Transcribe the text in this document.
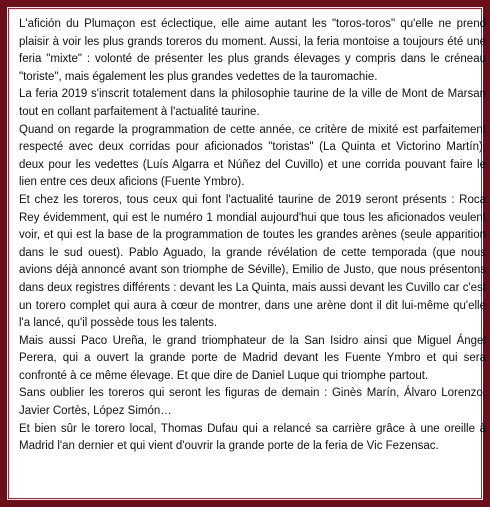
L'afición du Plumaçon est éclectique, elle aime autant les "toros-toros" qu'elle ne prend plaisir à voir les plus grands toreros du moment. Aussi, la feria montoise a toujours été une feria "mixte" : volonté de présenter les plus grands élevages y compris dans le créneau "toriste", mais également les plus grandes vedettes de la tauromachie.

La feria 2019 s'inscrit totalement dans la philosophie taurine de la ville de Mont de Marsan tout en collant parfaitement à l'actualité taurine.

Quand on regarde la programmation de cette année, ce critère de mixité est parfaitement respecté avec deux corridas pour aficionados "toristas" (La Quinta et Victorino Martín), deux pour les vedettes (Luís Algarra et Núñez del Cuvillo) et une corrida pouvant faire le lien entre ces deux aficions (Fuente Ymbro).

Et chez les toreros, tous ceux qui font l'actualité taurine de 2019 seront présents : Roca Rey évidemment, qui est le numéro 1 mondial aujourd'hui que tous les aficionados veulent voir, et qui est la base de la programmation de toutes les grandes arènes (seule apparition dans le sud ouest). Pablo Aguado, la grande révélation de cette temporada (que nous avions déjà annoncé avant son triomphe de Séville), Emilio de Justo, que nous présentons dans deux registres différents : devant les La Quinta, mais aussi devant les Cuvillo car c'est un torero complet qui aura à cœur de montrer, dans une arène dont il dit lui-même qu'elle l'a lancé, qu'il possède tous les talents.

Mais aussi Paco Ureña, le grand triomphateur de la San Isidro ainsi que Miguel Ángel Perera, qui a ouvert la grande porte de Madrid devant les Fuente Ymbro et qui sera confronté à ce même élevage. Et que dire de Daniel Luque qui triomphe partout.

Sans oublier les toreros qui seront les figuras de demain : Ginès Marín, Álvaro Lorenzo, Javier Cortès, López Simón…

Et bien sûr le torero local, Thomas Dufau qui a relancé sa carrière grâce à une oreille à Madrid l'an dernier et qui vient d'ouvrir la grande porte de la feria de Vic Fezensac.
